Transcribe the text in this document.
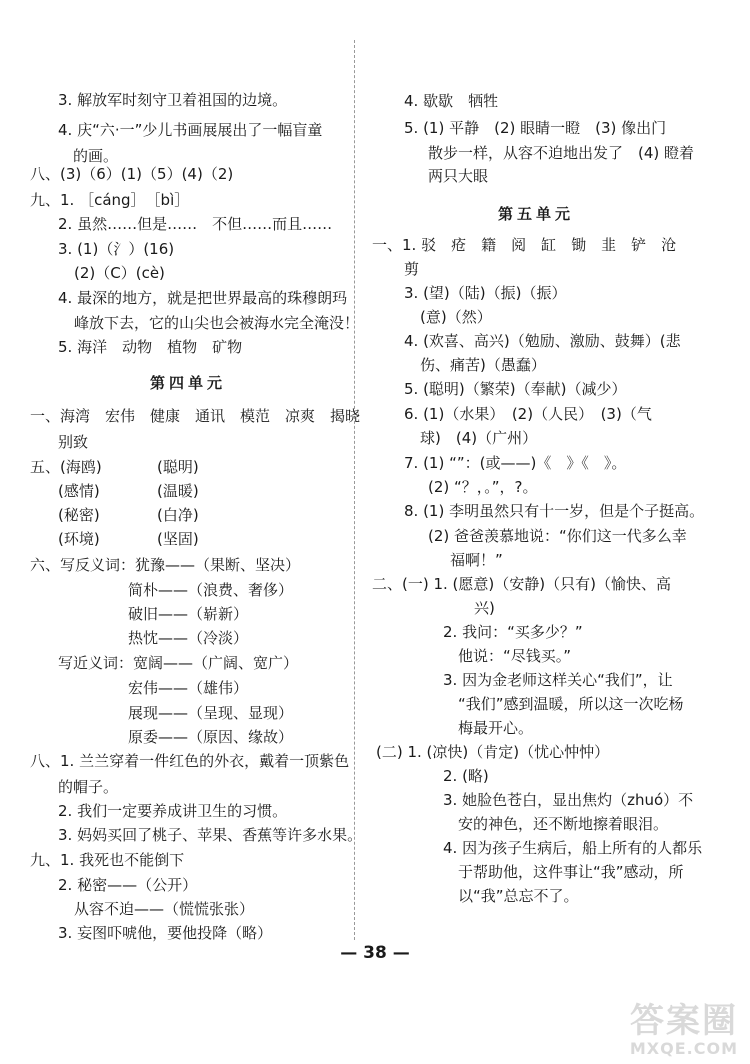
3. 解放军时刻守卫着祖国的边境。
4. 庆“六·一”少儿书画展展出了一幅盲童
的画。
八、(3)（6）(1)（5）(4)（2)
九、1. ［cáng］　［bì］
2. 虽然……但是……　不但……而且……
3. (1)（氵）(16)
(2)（C）(cè)
4. 最深的地方，就是把世界最高的珠穆朗玛
峰放下去，它的山尖也会被海水完全淹没！
5. 海洋　动物　植物　矿物
第四单元
一、海湾　宏伟　健康　通讯　模范　凉爽　揭晓
别致
五、(海鸥)	(聪明)
(感情)	(温暖)
(秘密)	(白净)
(环境)	(坚固)
六、写反义词：犹豫——（果断、坚决）
简朴——（浪费、奢侈）
破旧——（崭新）
热忱——（冷淡）
写近义词：宽阔——（广阔、宽广）
宏伟——（雄伟）
展现——（呈现、显现）
原委——（原因、缘故）
八、1. 兰兰穿着一件红色的外衣，戴着一顶紫色
的帽子。
2. 我们一定要养成讲卫生的习惯。
3. 妈妈买回了桃子、苹果、香蕉等许多水果。
九、1. 我死也不能倒下
2. 秘密——（公开）
从容不迫——（慌慌张张）
3. 妄图吓唬他，要他投降（略）
4. 歇歇　牺牲
5. (1) 平静　(2) 眼睛一瞪　(3) 像出门
散步一样，从容不迫地出发了　(4) 瞪着
两只大眼
第五单元
一、1. 驳　疮　籍　阅　缸　锄　韭　铲　沧
剪
3. (望)（陆)（振)（振）
(意)（然）
4. (欢喜、高兴)（勉励、激励、鼓舞）(悲
伤、痛苦)（愚蠢）
5. (聪明)（繁荣)（奉献)（减少）
6. (1)（水果）　(2)（人民）　(3)（气
球)　(4)（广州）
7. (1) “”：(或——)《　》《　》。
(2) “？，。”，?。
8. (1) 李明虽然只有十一岁，但是个子挺高。
(2) 爸爸羡慕地说：“你们这一代多么幸
福啊！”
二、(一) 1. (愿意)（安静)（只有)（愉快、高
兴)
2. 我问：“买多少？”
他说：“尽钱买。”
3. 因为金老师这样关心“我们”，让
“我们”感到温暖，所以这一次吃杨
梅最开心。
(二) 1. (凉快)（肯定)（忧心忡忡）
2. (略)
3. 她脸色苍白，显出焦灼（zhuó）不
安的神色，还不断地擦着眼泪。
4. 因为孩子生病后，船上所有的人都乐
于帮助他，这件事让“我”感动，所
以“我”总忘不了。
— 38 —
答案圈
MXQE.COM
